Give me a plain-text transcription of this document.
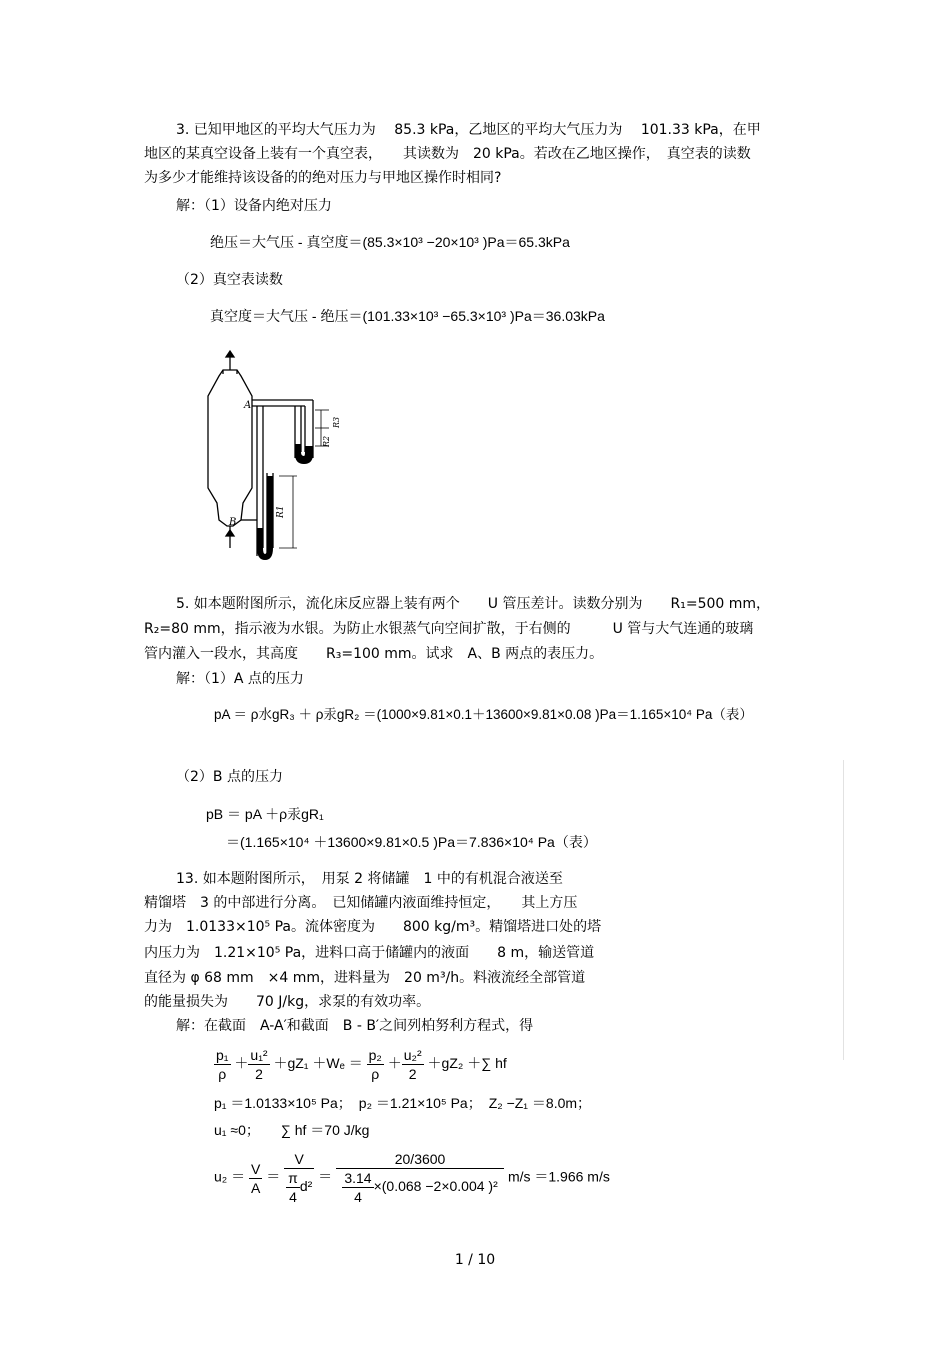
3. 已知甲地区的平均大气压力为　 85.3 kPa，乙地区的平均大气压力为　 101.33 kPa，在甲
地区的某真空设备上装有一个真空表，　　其读数为　20 kPa。若改在乙地区操作，　真空表的读数
为多少才能维持该设备的的绝对压力与甲地区操作时相同?
解：（1）设备内绝对压力
绝压＝大气压 - 真空度＝(85.3×10³ −20×10³ )Pa＝65.3kPa
（2）真空表读数
真空度＝大气压 - 绝压＝(101.33×10³ −65.3×10³ )Pa＝36.03kPa
A
B
R1
R2
R3
5. 如本题附图所示，流化床反应器上装有两个　　U 管压差计。读数分别为　　R₁=500 mm，
R₂=80 mm，指示液为水银。为防止水银蒸气向空间扩散，于右侧的　　　U 管与大气连通的玻璃
管内灌入一段水，其高度　　R₃=100 mm。试求　A、B 两点的表压力。
解：（1）A 点的压力
pA ＝ ρ水gR₃ ＋ ρ汞gR₂ ＝(1000×9.81×0.1＋13600×9.81×0.08 )Pa＝1.165×10⁴ Pa（表）
（2）B 点的压力
pB ＝ pA ＋ρ汞gR₁
＝(1.165×10⁴ ＋13600×9.81×0.5 )Pa＝7.836×10⁴ Pa（表）
13. 如本题附图所示，　用泵 2 将储罐　1 中的有机混合液送至
精馏塔　3 的中部进行分离。　已知储罐内液面维持恒定，　　其上方压
力为　1.0133×10⁵ Pa。流体密度为　　800 kg/m³。精馏塔进口处的塔
内压力为　1.21×10⁵ Pa，进料口高于储罐内的液面　　8 m，输送管道
直径为 φ 68 mm　×4 mm，进料量为　20 m³/h。料液流经全部管道
的能量损失为　　70 J/kg，求泵的有效功率。
解：在截面　A-A′和截面　B - B′之间列柏努利方程式，得
$\frac{\text{p₁}}{\rho} + \frac{\text{u₁²}}{2} +gZ_1 +W_e = \frac{\text{p₂}}{\rho} + \frac{\text{u₂²}}{2} +gZ_2$ ＋∑ hf
p₁ ＝1.0133×10⁵ Pa；　p₂ ＝1.21×10⁵ Pa；　Z₂ −Z₁ ＝8.0m；
u₁ ≈0；　　∑ hf ＝70 J/kg
$u_2 = \frac{V}{A} = \frac{V}{\frac{\pi}{4} d^2} = \frac{20/3600}{\frac{3.14}{4} \times(0.068 -2\times 0.004 )^2} m/s =1.966$ m/s
1 / 10
